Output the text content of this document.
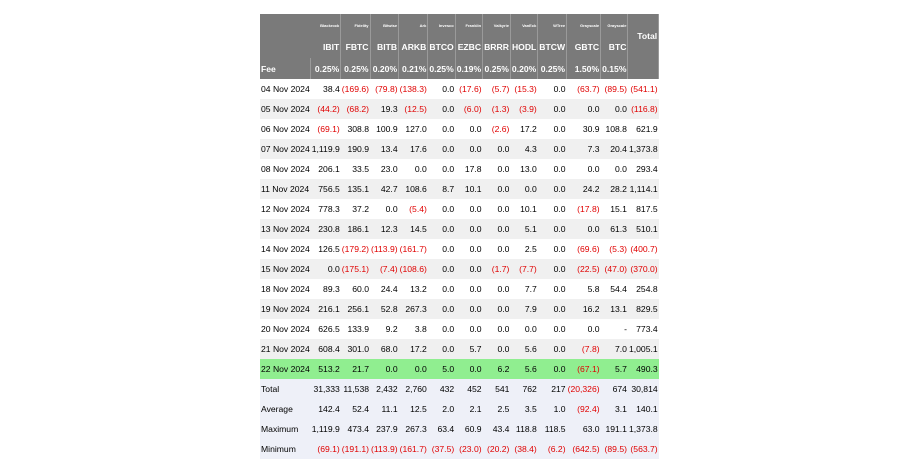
	Blackrock	Fidelity	Bitwise	Ark	Invesco	Franklin	Valkyrie	VanEck	WTree	Grayscale	Grayscale	Total
	IBIT	FBTC	BITB	ARKB	BTCO	EZBC	BRRR	HODL	BTCW	GBTC	BTC	
Fee	0.25%	0.25%	0.20%	0.21%	0.25%	0.19%	0.25%	0.20%	0.25%	1.50%	0.15%	
04 Nov 2024	38.4	(169.6)	(79.8)	(138.3)	0.0	(17.6)	(5.7)	(15.3)	0.0	(63.7)	(89.5)	(541.1)
05 Nov 2024	(44.2)	(68.2)	19.3	(12.5)	0.0	(6.0)	(1.3)	(3.9)	0.0	0.0	0.0	(116.8)
06 Nov 2024	(69.1)	308.8	100.9	127.0	0.0	0.0	(2.6)	17.2	0.0	30.9	108.8	621.9
07 Nov 2024	1,119.9	190.9	13.4	17.6	0.0	0.0	0.0	4.3	0.0	7.3	20.4	1,373.8
08 Nov 2024	206.1	33.5	23.0	0.0	0.0	17.8	0.0	13.0	0.0	0.0	0.0	293.4
11 Nov 2024	756.5	135.1	42.7	108.6	8.7	10.1	0.0	0.0	0.0	24.2	28.2	1,114.1
12 Nov 2024	778.3	37.2	0.0	(5.4)	0.0	0.0	0.0	10.1	0.0	(17.8)	15.1	817.5
13 Nov 2024	230.8	186.1	12.3	14.5	0.0	0.0	0.0	5.1	0.0	0.0	61.3	510.1
14 Nov 2024	126.5	(179.2)	(113.9)	(161.7)	0.0	0.0	0.0	2.5	0.0	(69.6)	(5.3)	(400.7)
15 Nov 2024	0.0	(175.1)	(7.4)	(108.6)	0.0	0.0	(1.7)	(7.7)	0.0	(22.5)	(47.0)	(370.0)
18 Nov 2024	89.3	60.0	24.4	13.2	0.0	0.0	0.0	7.7	0.0	5.8	54.4	254.8
19 Nov 2024	216.1	256.1	52.8	267.3	0.0	0.0	0.0	7.9	0.0	16.2	13.1	829.5
20 Nov 2024	626.5	133.9	9.2	3.8	0.0	0.0	0.0	0.0	0.0	0.0	-	773.4
21 Nov 2024	608.4	301.0	68.0	17.2	0.0	5.7	0.0	5.6	0.0	(7.8)	7.0	1,005.1
22 Nov 2024	513.2	21.7	0.0	0.0	5.0	0.0	6.2	5.6	0.0	(67.1)	5.7	490.3
Total	31,333	11,538	2,432	2,760	432	452	541	762	217	(20,326)	674	30,814
Average	142.4	52.4	11.1	12.5	2.0	2.1	2.5	3.5	1.0	(92.4)	3.1	140.1
Maximum	1,119.9	473.4	237.9	267.3	63.4	60.9	43.4	118.8	118.5	63.0	191.1	1,373.8
Minimum	(69.1)	(191.1)	(113.9)	(161.7)	(37.5)	(23.0)	(20.2)	(38.4)	(6.2)	(642.5)	(89.5)	(563.7)
